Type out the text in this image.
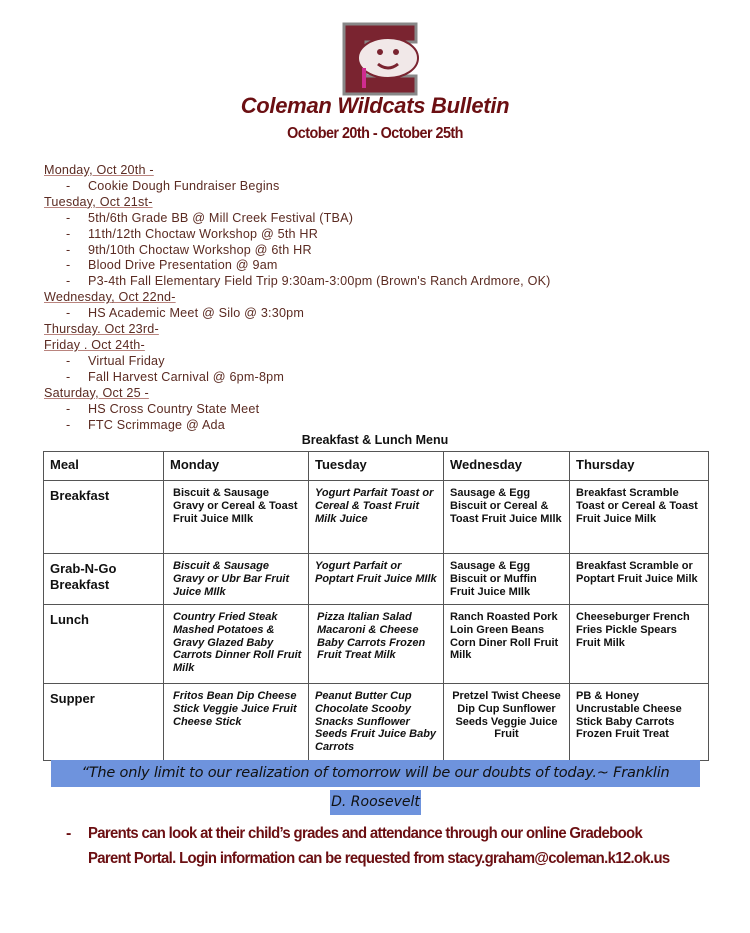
Coleman Wildcats Bulletin
October 20th - October 25th
Monday, Oct 20th -
- Cookie Dough Fundraiser Begins
Tuesday, Oct 21st-
- 5th/6th Grade BB @ Mill Creek Festival (TBA)
- 11th/12th Choctaw Workshop @ 5th HR
- 9th/10th Choctaw Workshop @ 6th HR
- Blood Drive Presentation @ 9am
- P3-4th Fall Elementary Field Trip 9:30am-3:00pm (Brown's Ranch Ardmore, OK)
Wednesday, Oct 22nd-
- HS Academic Meet @ Silo @ 3:30pm
Thursday. Oct 23rd-
Friday . Oct 24th-
- Virtual Friday
- Fall Harvest Carnival @ 6pm-8pm
Saturday, Oct 25 -
- HS Cross Country State Meet
- FTC Scrimmage @ Ada
Breakfast & Lunch Menu
Meal	Monday	Tuesday	Wednesday	Thursday
Breakfast	Biscuit & Sausage Gravy or Cereal & Toast Fruit Juice MIlk	Yogurt Parfait Toast or Cereal & Toast Fruit Milk Juice	Sausage & Egg Biscuit or Cereal & Toast Fruit Juice MIlk	Breakfast Scramble Toast or Cereal & Toast Fruit Juice Milk
Grab-N-Go Breakfast	Biscuit & Sausage Gravy or Ubr Bar Fruit Juice MIlk	Yogurt Parfait or Poptart Fruit Juice MIlk	Sausage & Egg Biscuit or Muffin Fruit Juice MIlk	Breakfast Scramble or Poptart Fruit Juice Milk
Lunch	Country Fried Steak Mashed Potatoes & Gravy Glazed Baby Carrots Dinner Roll Fruit Milk	Pizza Italian Salad Macaroni & Cheese Baby Carrots Frozen Fruit Treat Milk	Ranch Roasted Pork Loin Green Beans Corn Diner Roll Fruit Milk	Cheeseburger French Fries Pickle Spears Fruit Milk
Supper	Fritos Bean Dip Cheese Stick Veggie Juice Fruit Cheese Stick	Peanut Butter Cup Chocolate Scooby Snacks Sunflower Seeds Fruit Juice Baby Carrots	Pretzel Twist Cheese Dip Cup Sunflower Seeds Veggie Juice Fruit	PB & Honey Uncrustable Cheese Stick Baby Carrots Frozen Fruit Treat
“The only limit to our realization of tomorrow will be our doubts of today.~ Franklin
D. Roosevelt
- Parents can look at their child’s grades and attendance through our online Gradebook Parent Portal. Login information can be requested from stacy.graham@coleman.k12.ok.us
